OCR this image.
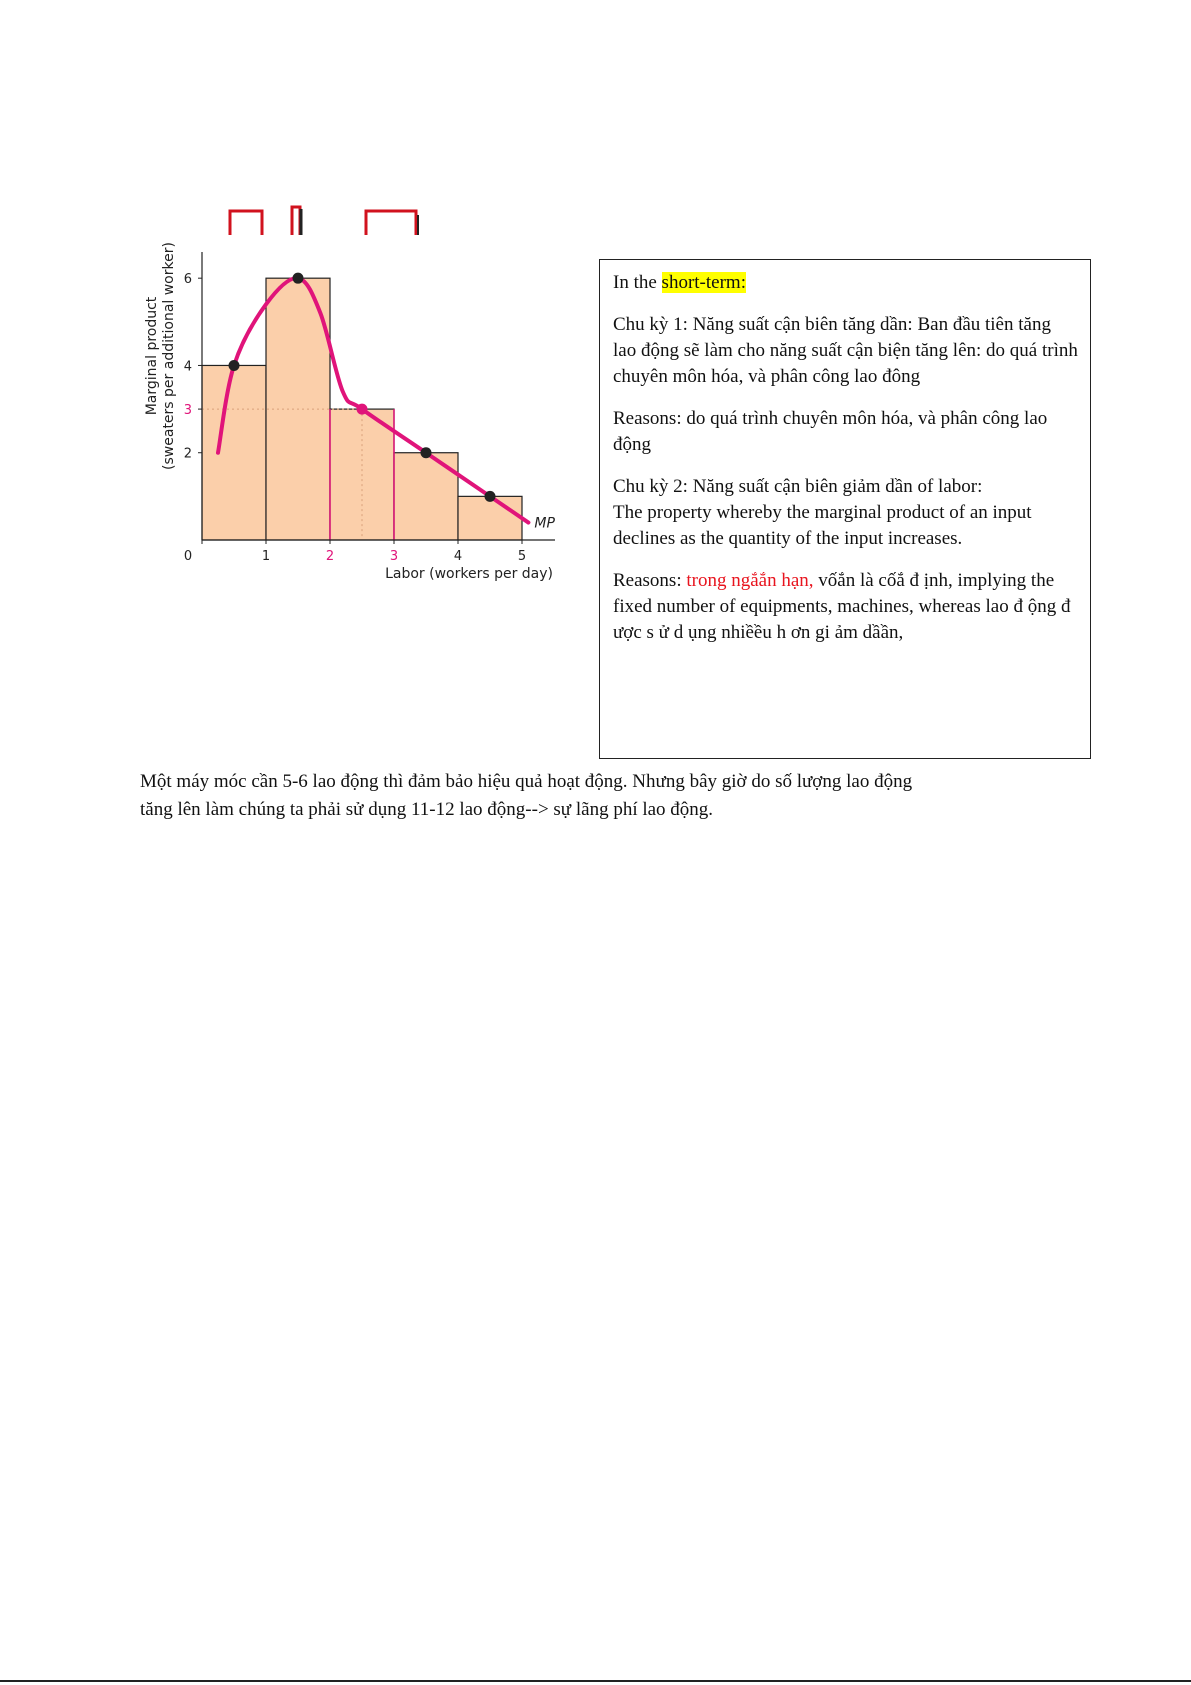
0	1	2	3	4	5
2
3
4
6
Labor (workers per day)
Marginal product (sweaters per additional worker)
MP

In the short-term:

Chu kỳ 1: Năng suất cận biên tăng dần: Ban đầu tiên tăng lao động sẽ làm cho năng suất cận biện tăng lên: do quá trình chuyên môn hóa, và phân công lao đông

Reasons: do quá trình chuyên môn hóa, và phân công lao động

Chu kỳ 2: Năng suất cận biên giảm dần of labor:

The property whereby the marginal product of an input declines as the quantity of the input increases.

Reasons: trong ngắắn hạn, vốắn là cốắ đ ịnh, implying the fixed number of equipments, machines, whereas lao đ ộng đ ược s ử d ụng nhiềều h ơn gi ảm dầần,

Một máy móc cần 5-6 lao động thì đảm bảo hiệu quả hoạt động. Nhưng bây giờ do số lượng lao động

tăng lên làm chúng ta phải sử dụng 11-12 lao động--> sự lãng phí lao động.
